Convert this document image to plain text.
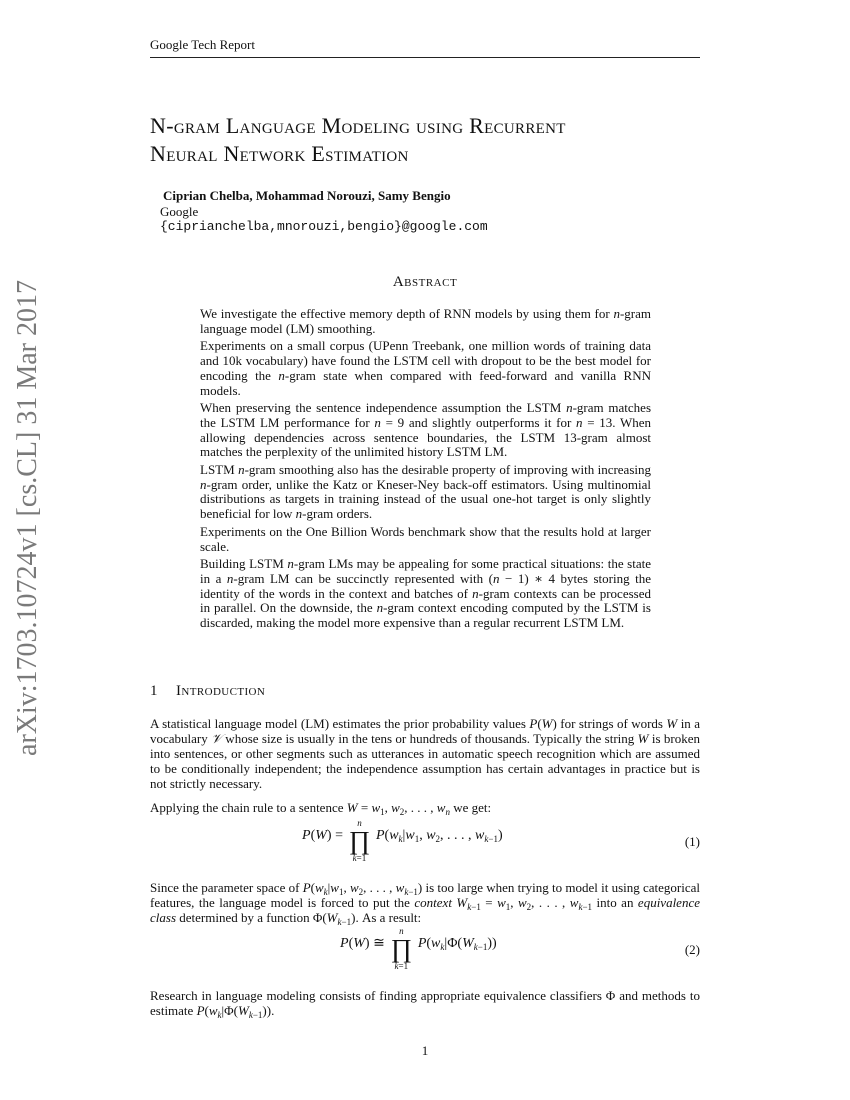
Google Tech Report
arXiv:1703.10724v1 [cs.CL] 31 Mar 2017
N-gram Language Modeling using Recurrent
Neural Network Estimation
Ciprian Chelba, Mohammad Norouzi, Samy Bengio
Google
{ciprianchelba,mnorouzi,bengio}@google.com
Abstract

We investigate the effective memory depth of RNN models by using them for n-gram language model (LM) smoothing.

Experiments on a small corpus (UPenn Treebank, one million words of training data and 10k vocabulary) have found the LSTM cell with dropout to be the best model for encoding the n-gram state when compared with feed-forward and vanilla RNN models.

When preserving the sentence independence assumption the LSTM n-gram matches the LSTM LM performance for n = 9 and slightly outperforms it for n = 13. When allowing dependencies across sentence boundaries, the LSTM 13-gram almost matches the perplexity of the unlimited history LSTM LM.

LSTM n-gram smoothing also has the desirable property of improving with increasing n-gram order, unlike the Katz or Kneser-Ney back-off estimators. Using multinomial distributions as targets in training instead of the usual one-hot target is only slightly beneficial for low n-gram orders.

Experiments on the One Billion Words benchmark show that the results hold at larger scale.

Building LSTM n-gram LMs may be appealing for some practical situations: the state in a n-gram LM can be succinctly represented with (n − 1) ∗ 4 bytes storing the identity of the words in the context and batches of n-gram contexts can be processed in parallel. On the downside, the n-gram context encoding computed by the LSTM is discarded, making the model more expensive than a regular recurrent LSTM LM.

1 Introduction

A statistical language model (LM) estimates the prior probability values P(W) for strings of words W in a vocabulary 𝒱 whose size is usually in the tens or hundreds of thousands. Typically the string W is broken into sentences, or other segments such as utterances in automatic speech recognition which are assumed to be conditionally independent; the independence assumption has certain advantages in practice but is not strictly necessary.

Applying the chain rule to a sentence $W = w_1$, $w_2$, . . . , $w_n$ we get:

P(W) =
n
∏
k=1
$P(w_k|w_1$, $w_2$, . . . , $w_{k-1}$)	(1)

Since the parameter space of $P(w_k|w_1$, $w_2$, . . . , $w_{k-1}$) is too large when trying to model it using categorical features, the language model is forced to put the context $W_{k-1} = w_1$, $w_2$, . . . , $w_{k-1}$ into an equivalence class determined by a function $\Phi(W_{k-1})$. As a result:

P(W) ≅
n
∏
k=1
$P(w_k|\Phi(W_{k-1}))$	(2)

Research in language modeling consists of finding appropriate equivalence classifiers Φ and methods to estimate $P(w_k|\Phi(W_{k-1}))$.

1
